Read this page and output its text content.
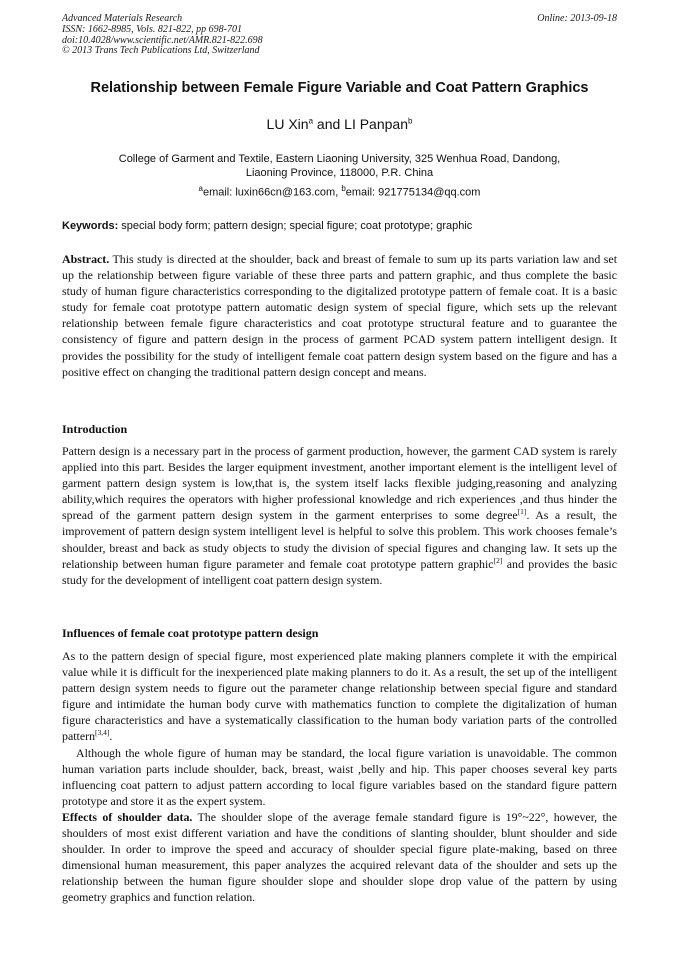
Advanced Materials Research
ISSN: 1662-8985, Vols. 821-822, pp 698-701
doi:10.4028/www.scientific.net/AMR.821-822.698
© 2013 Trans Tech Publications Ltd, Switzerland
Online: 2013-09-18
Relationship between Female Figure Variable and Coat Pattern Graphics
LU Xin$^a$ and LI Panpan$^b$
College of Garment and Textile, Eastern Liaoning University, 325 Wenhua Road, Dandong,
Liaoning Province, 118000, P.R. China
$^a$email: luxin66cn@163.com, $^b$email: 921775134@qq.com
Keywords: special body form; pattern design; special figure; coat prototype; graphic
Abstract. This study is directed at the shoulder, back and breast of female to sum up its parts variation law and set up the relationship between figure variable of these three parts and pattern graphic, and thus complete the basic study of human figure characteristics corresponding to the digitalized prototype pattern of female coat. It is a basic study for female coat prototype pattern automatic design system of special figure, which sets up the relevant relationship between female figure characteristics and coat prototype structural feature and to guarantee the consistency of figure and pattern design in the process of garment PCAD system pattern intelligent design. It provides the possibility for the study of intelligent female coat pattern design system based on the figure and has a positive effect on changing the traditional pattern design concept and means.
Introduction
Pattern design is a necessary part in the process of garment production, however, the garment CAD system is rarely applied into this part. Besides the larger equipment investment, another important element is the intelligent level of garment pattern design system is low,that is, the system itself lacks flexible judging,reasoning and analyzing ability,which requires the operators with higher professional knowledge and rich experiences ,and thus hinder the spread of the garment pattern design system in the garment enterprises to some degree[1]. As a result, the improvement of pattern design system intelligent level is helpful to solve this problem. This work chooses female’s shoulder, breast and back as study objects to study the division of special figures and changing law. It sets up the relationship between human figure parameter and female coat prototype pattern graphic[2] and provides the basic study for the development of intelligent coat pattern design system.
Influences of female coat prototype pattern design
As to the pattern design of special figure, most experienced plate making planners complete it with the empirical value while it is difficult for the inexperienced plate making planners to do it. As a result, the set up of the intelligent pattern design system needs to figure out the parameter change relationship between special figure and standard figure and intimidate the human body curve with mathematics function to complete the digitalization of human figure characteristics and have a systematically classification to the human body variation parts of the controlled pattern[3,4].
Although the whole figure of human may be standard, the local figure variation is unavoidable. The common human variation parts include shoulder, back, breast, waist ,belly and hip. This paper chooses several key parts influencing coat pattern to adjust pattern according to local figure variables based on the standard figure pattern prototype and store it as the expert system.
Effects of shoulder data. The shoulder slope of the average female standard figure is 19°~22°, however, the shoulders of most exist different variation and have the conditions of slanting shoulder, blunt shoulder and side shoulder. In order to improve the speed and accuracy of shoulder special figure plate-making, based on three dimensional human measurement, this paper analyzes the acquired relevant data of the shoulder and sets up the relationship between the human figure shoulder slope and shoulder slope drop value of the pattern by using geometry graphics and function relation.
